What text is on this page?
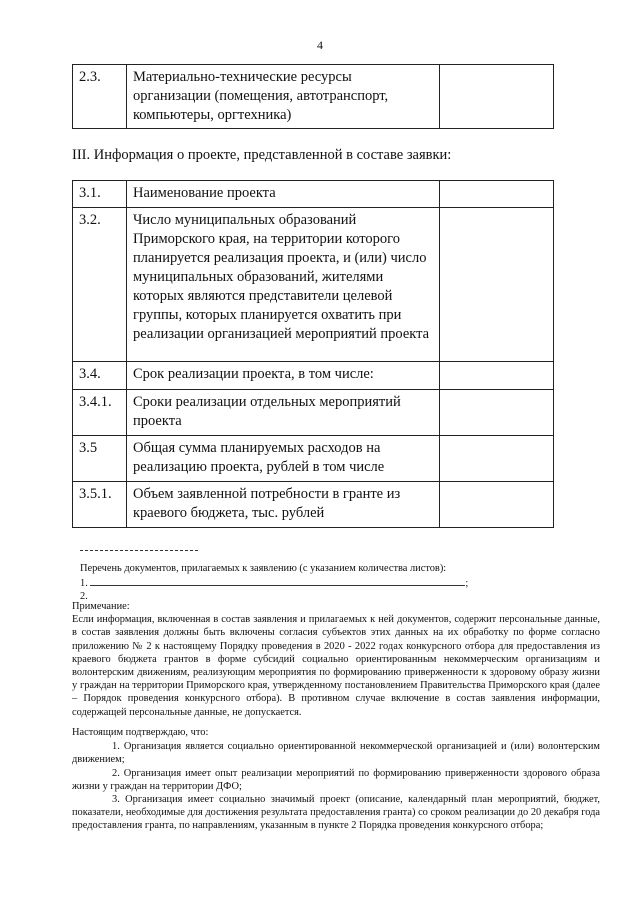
4
2.3.	Материально-технические ресурсы организации (помещения, автотранспорт, компьютеры, оргтехника)	
III. Информация о проекте, представленной в составе заявки:
3.1.	Наименование проекта	
3.2.	Число муниципальных образований Приморского края, на территории которого планируется реализация проекта, и (или) число муниципальных образований, жителями которых являются представители целевой группы, которых планируется охватить при реализации организацией мероприятий проекта	
3.4.	Срок реализации проекта, в том числе:	
3.4.1.	Сроки реализации отдельных мероприятий проекта	
3.5	Общая сумма планируемых расходов на реализацию проекта, рублей в том числе	
3.5.1.	Объем заявленной потребности в гранте из краевого бюджета, тыс. рублей	
Перечень документов, прилагаемых к заявлению (с указанием количества листов):
1.	;
2.
Примечание:
Если информация, включенная в состав заявления и прилагаемых к ней документов, содержит персональные данные, в состав заявления должны быть включены согласия субъектов этих данных на их обработку по форме согласно приложению № 2 к настоящему Порядку проведения в 2020 - 2022 годах конкурсного отбора для предоставления из краевого бюджета грантов в форме субсидий социально ориентированным некоммерческим организациям и волонтерским движениям, реализующим мероприятия по формированию приверженности к здоровому образу жизни у граждан на территории Приморского края, утвержденному постановлением Правительства Приморского края (далее – Порядок проведения конкурсного отбора). В противном случае включение в состав заявления информации, содержащей персональные данные, не допускается.
Настоящим подтверждаю, что:
1. Организация является социально ориентированной некоммерческой организацией и (или) волонтерским движением;
2. Организация имеет опыт реализации мероприятий по формированию приверженности здорового образа жизни у граждан на территории ДФО;
3. Организация имеет социально значимый проект (описание, календарный план мероприятий, бюджет, показатели, необходимые для достижения результата предоставления гранта) со сроком реализации до 20 декабря года предоставления гранта, по направлениям, указанным в пункте 2 Порядка проведения конкурсного отбора;
